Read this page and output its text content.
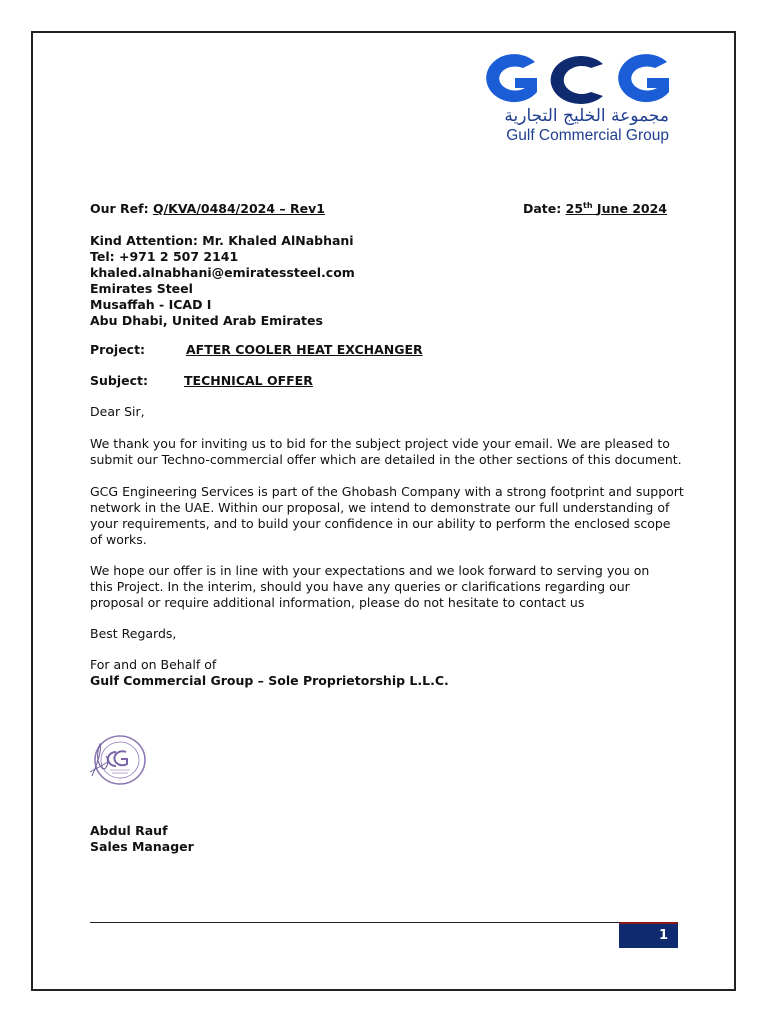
مجموعة الخليج التجارية
Gulf Commercial Group
Our Ref: Q/KVA/0484/2024 – Rev1	Date: 25th June 2024
Kind Attention: Mr. Khaled AlNabhani
Tel: +971 2 507 2141
khaled.alnabhani@emiratessteel.com
Emirates Steel
Musaffah - ICAD I
Abu Dhabi, United Arab Emirates
Project:	AFTER COOLER HEAT EXCHANGER
Subject:	TECHNICAL OFFER
Dear Sir,
We thank you for inviting us to bid for the subject project vide your email. We are pleased to
submit our Techno-commercial offer which are detailed in the other sections of this document.
GCG Engineering Services is part of the Ghobash Company with a strong footprint and support
network in the UAE. Within our proposal, we intend to demonstrate our full understanding of
your requirements, and to build your confidence in our ability to perform the enclosed scope
of works.
We hope our offer is in line with your expectations and we look forward to serving you on
this Project. In the interim, should you have any queries or clarifications regarding our
proposal or require additional information, please do not hesitate to contact us
Best Regards,
For and on Behalf of
Gulf Commercial Group – Sole Proprietorship L.L.C.
Abdul Rauf
Sales Manager
1
